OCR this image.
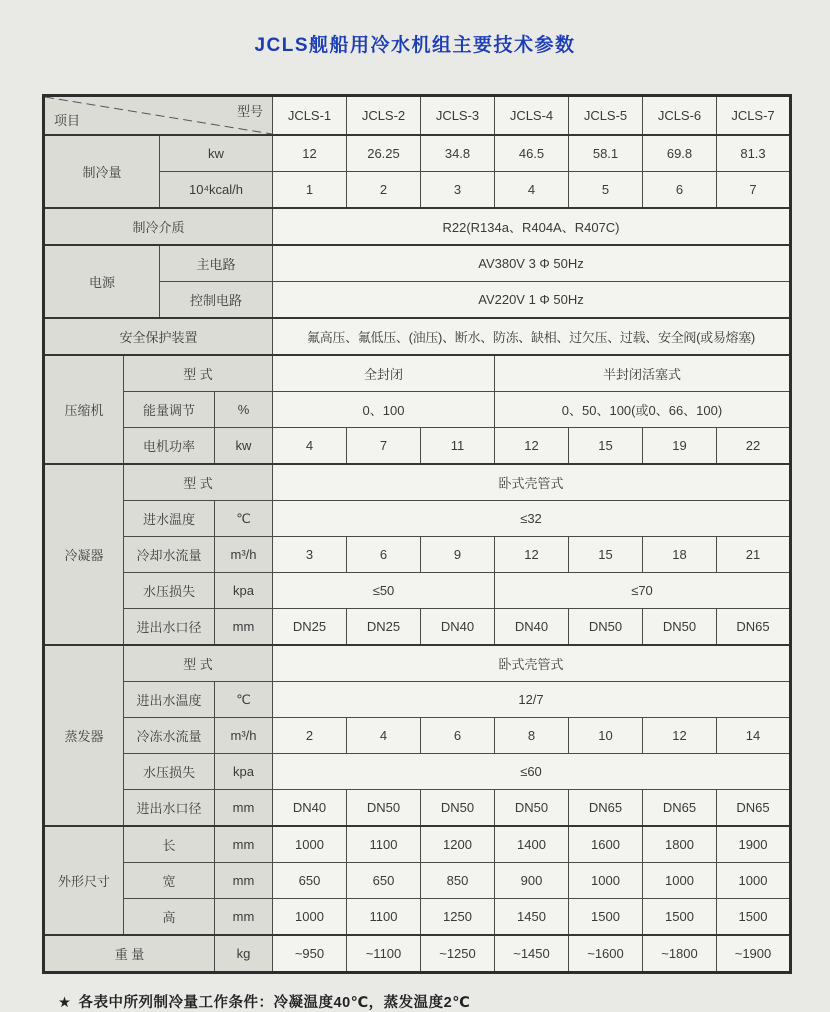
JCLS舰船用冷水机组主要技术参数
型号
项目				JCLS-1	JCLS-2	JCLS-3	JCLS-4	JCLS-5	JCLS-6	JCLS-7
制冷量		kw		12	26.25	34.8	46.5	58.1	69.8	81.3
		10⁴kcal/h		1	2	3	4	5	6	7
制冷介质				R22(R134a、R404A、R407C)						
电源		主电路		AV380V 3 Φ 50Hz						
		控制电路		AV220V 1 Φ 50Hz						
安全保护装置				氟高压、氟低压、(油压)、断水、防冻、缺相、过欠压、过载、安全阀(或易熔塞)						
压缩机	型 式			全封闭			半封闭活塞式			
	能量调节		%	0、100			0、50、100(或0、66、100)			
	电机功率		kw	4	7	11	12	15	19	22
冷凝器	型 式			卧式壳管式						
	进水温度		℃	≤32						
	冷却水流量		m³/h	3	6	9	12	15	18	21
	水压损失		kpa	≤50			≤70			
	进出水口径		mm	DN25	DN25	DN40	DN40	DN50	DN50	DN65
蒸发器	型 式			卧式壳管式						
	进出水温度		℃	12/7						
	冷冻水流量		m³/h	2	4	6	8	10	12	14
	水压损失		kpa	≤60						
	进出水口径		mm	DN40	DN50	DN50	DN50	DN65	DN65	DN65
外形尺寸	长		mm	1000	1100	1200	1400	1600	1800	1900
	宽		mm	650	650	850	900	1000	1000	1000
	高		mm	1000	1100	1250	1450	1500	1500	1500
重 量			kg	~950	~1100	~1250	~1450	~1600	~1800	~1900

★ 各表中所列制冷量工作条件：冷凝温度40℃，蒸发温度2℃
